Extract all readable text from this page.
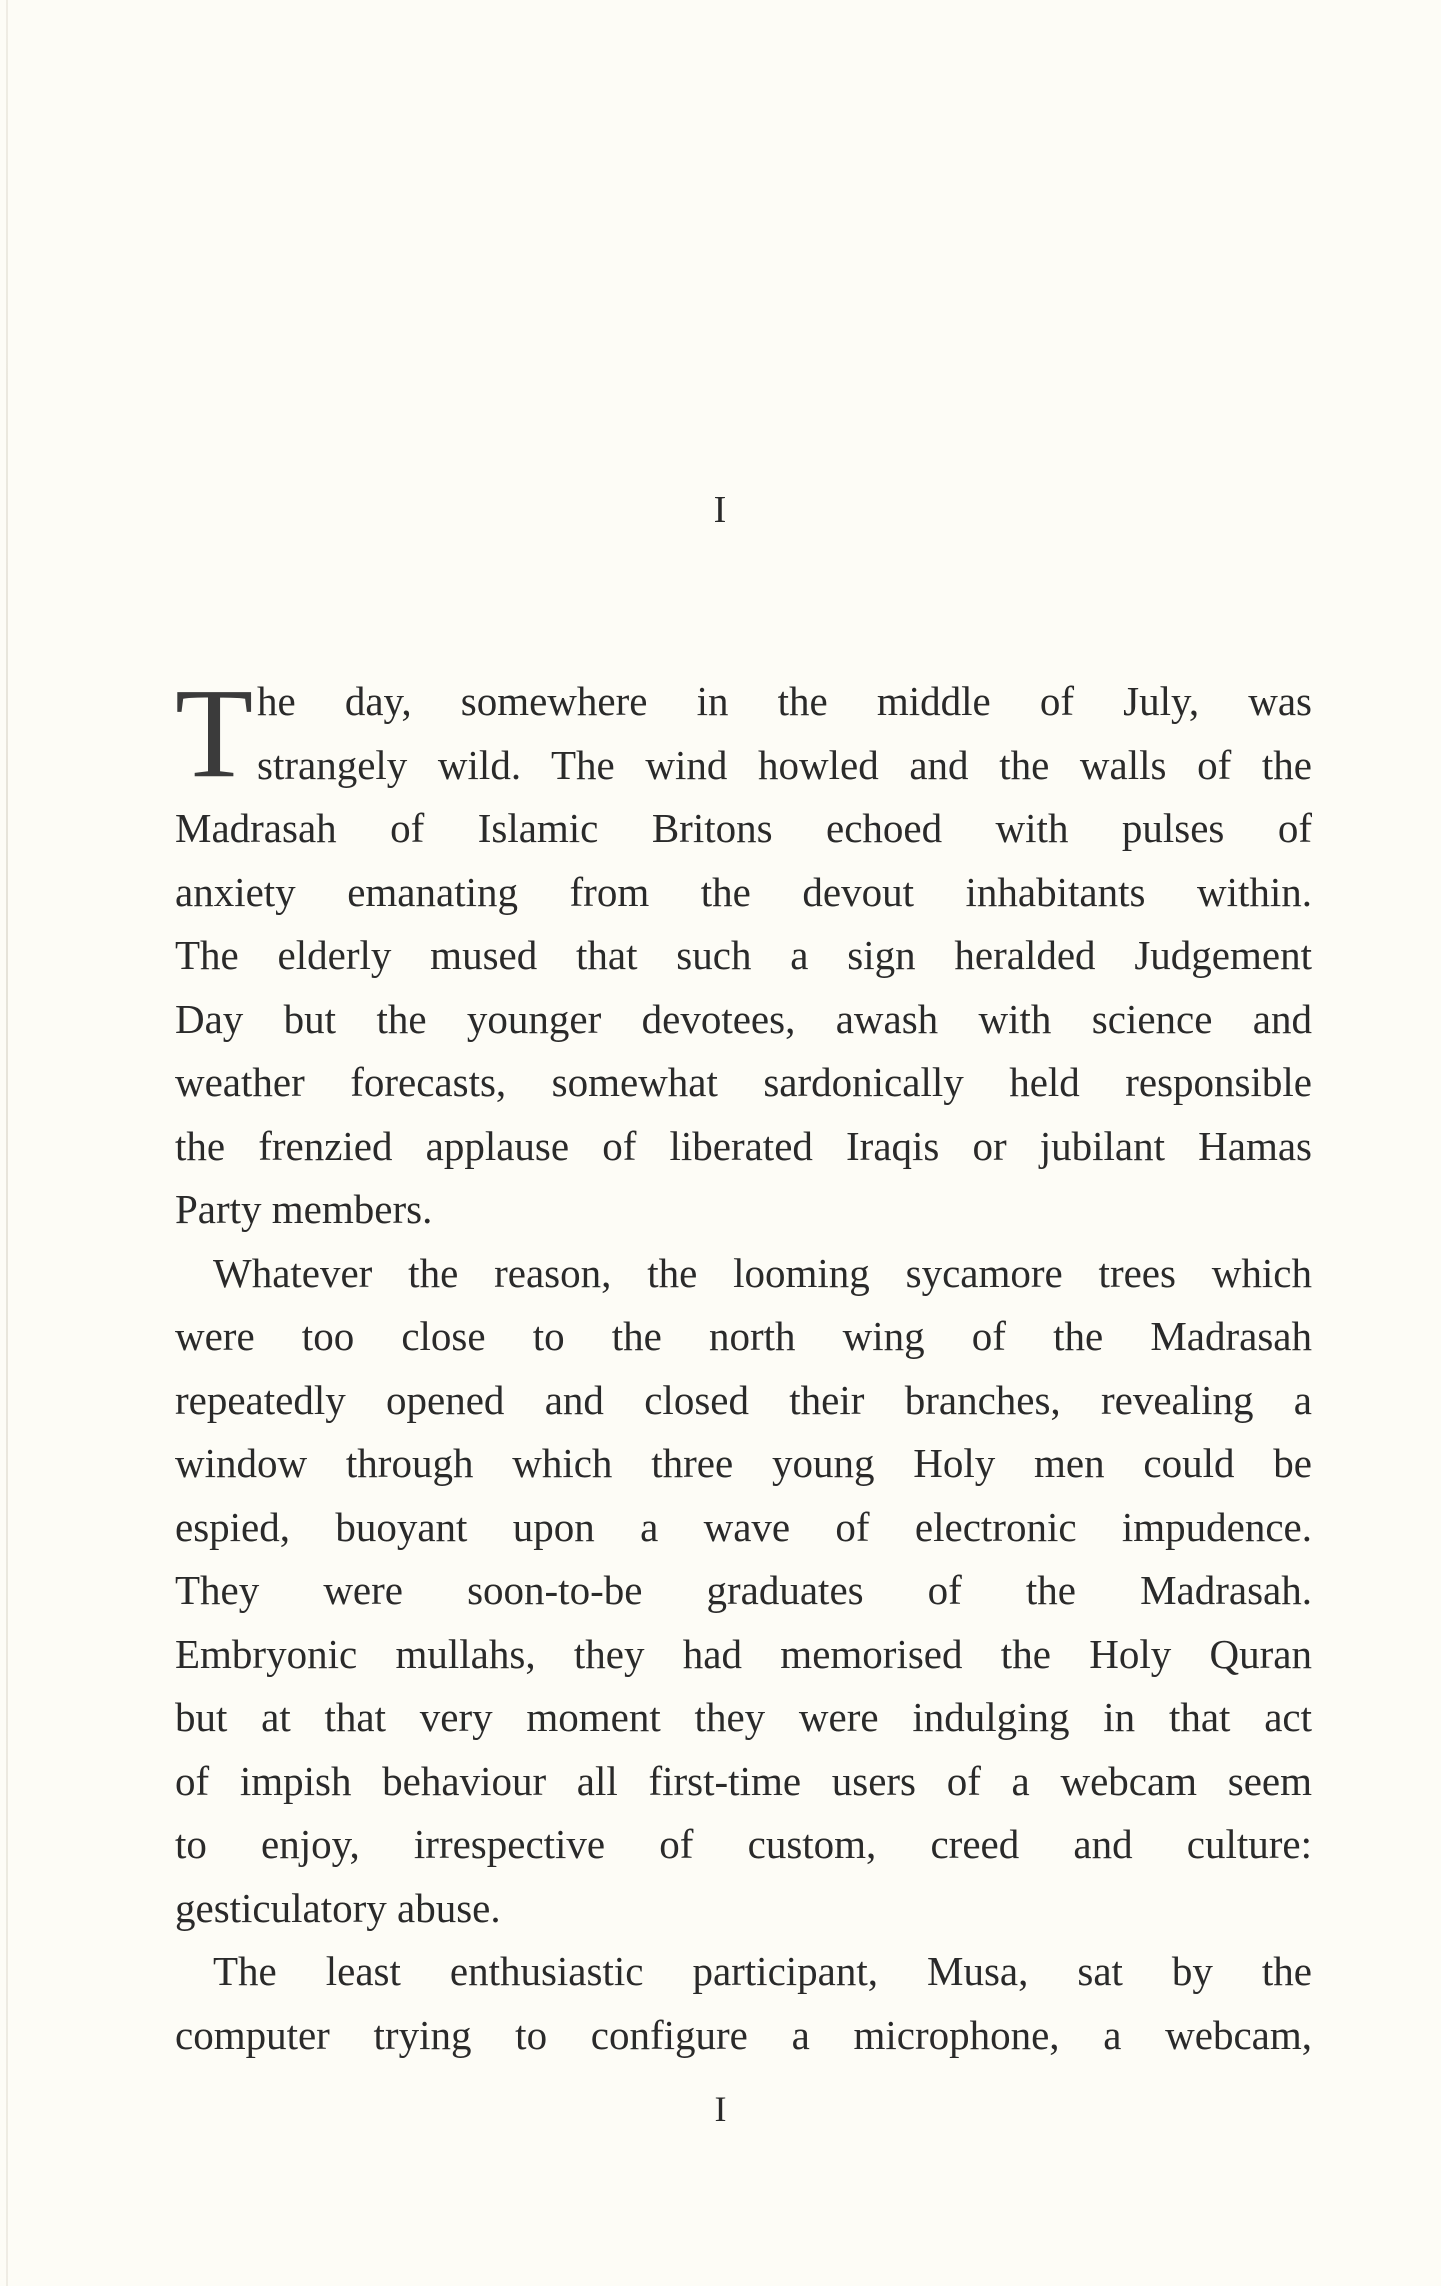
I
T he day, somewhere in the middle of July, was
strangely wild. The wind howled and the walls of the
Madrasah of Islamic Britons echoed with pulses of
anxiety emanating from the devout inhabitants within.
The elderly mused that such a sign heralded Judgement
Day but the younger devotees, awash with science and
weather forecasts, somewhat sardonically held responsible
the frenzied applause of liberated Iraqis or jubilant Hamas
Party members.
Whatever the reason, the looming sycamore trees which
were too close to the north wing of the Madrasah
repeatedly opened and closed their branches, revealing a
window through which three young Holy men could be
espied, buoyant upon a wave of electronic impudence.
They were soon-to-be graduates of the Madrasah.
Embryonic mullahs, they had memorised the Holy Quran
but at that very moment they were indulging in that act
of impish behaviour all first-time users of a webcam seem
to enjoy, irrespective of custom, creed and culture:
gesticulatory abuse.
The least enthusiastic participant, Musa, sat by the
computer trying to configure a microphone, a webcam,
I
